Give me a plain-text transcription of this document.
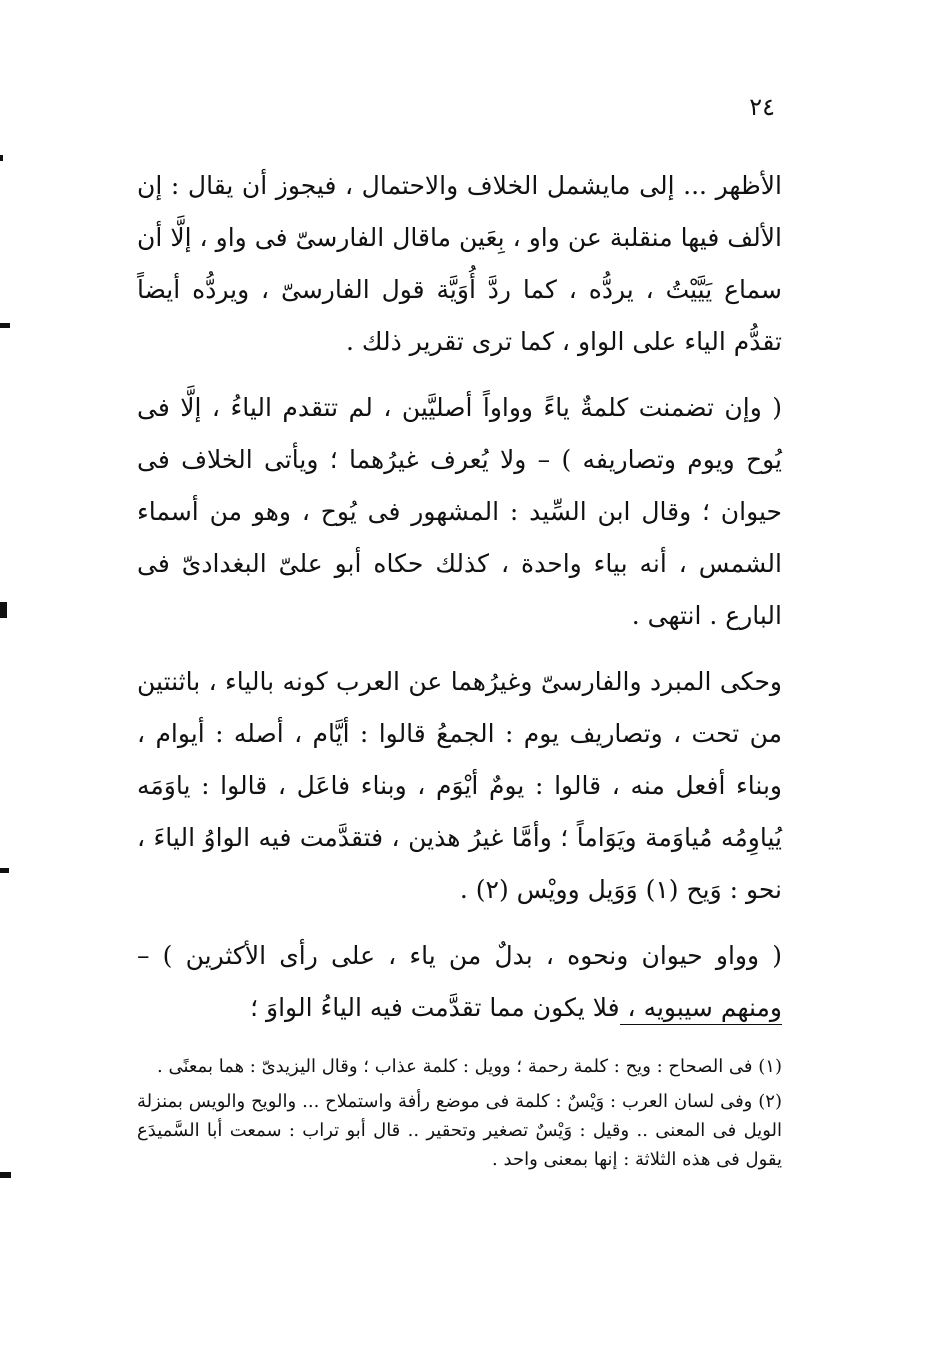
٢٤

الأظهر ... إلى مايشمل الخلاف والاحتمال ، فيجوز أن يقال : إن الألف فيها منقلبة عن واو ، بِعَين ماقال الفارسىّ فى واو ، إلَّا أن سماع يَيَّيْتُ ، يردُّه ، كما ردَّ أُوَيَّة قول الفارسىّ ، ويردُّه أيضاً تقدُّم الياء على الواو ، كما ترى تقرير ذلك .

( وإن تضمنت كلمةٌ ياءً وواواً أصليَّين ، لم تتقدم الياءُ ، إلَّا فى يُوح ويوم وتصاريفه ) – ولا يُعرف غيرُهما ؛ ويأتى الخلاف فى حيوان ؛ وقال ابن السِّيد : المشهور فى يُوح ، وهو من أسماء الشمس ، أنه بياء واحدة ، كذلك حكاه أبو علىّ البغدادىّ فى البارع . انتهى .

وحكى المبرد والفارسىّ وغيرُهما عن العرب كونه بالياء ، باثنتين من تحت ، وتصاريف يوم : الجمعُ قالوا : أيَّام ، أصله : أيوام ، وبناء أفعل منه ، قالوا : يومٌ أيْوَم ، وبناء فاعَل ، قالوا : ياوَمَه يُياوِمُه مُياوَمة ويَوَاماً ؛ وأمَّا غيرُ هذين ، فتقدَّمت فيه الواوُ الياءَ ، نحو : وَيح (١) وَوَيل وويْس (٢) .

( وواو حيوان ونحوه ، بدلٌ من ياء ، على رأى الأكثرين ) – ومنهم سيبويه ، فلا يكون مما تقدَّمت فيه الياءُ الواوَ ؛

(١) فى الصحاح : ويح : كلمة رحمة ؛ وويل : كلمة عذاب ؛ وقال اليزيدىّ : هما بمعنًى .

(٢) وفى لسان العرب : وَيْسٌ : كلمة فى موضع رأفة واستملاح ... والويح والويس بمنزلة الويل فى المعنى .. وقيل : وَيْسٌ تصغير وتحقير .. قال أبو تراب : سمعت أبا السَّميدَع يقول فى هذه الثلاثة : إنها بمعنى واحد .
